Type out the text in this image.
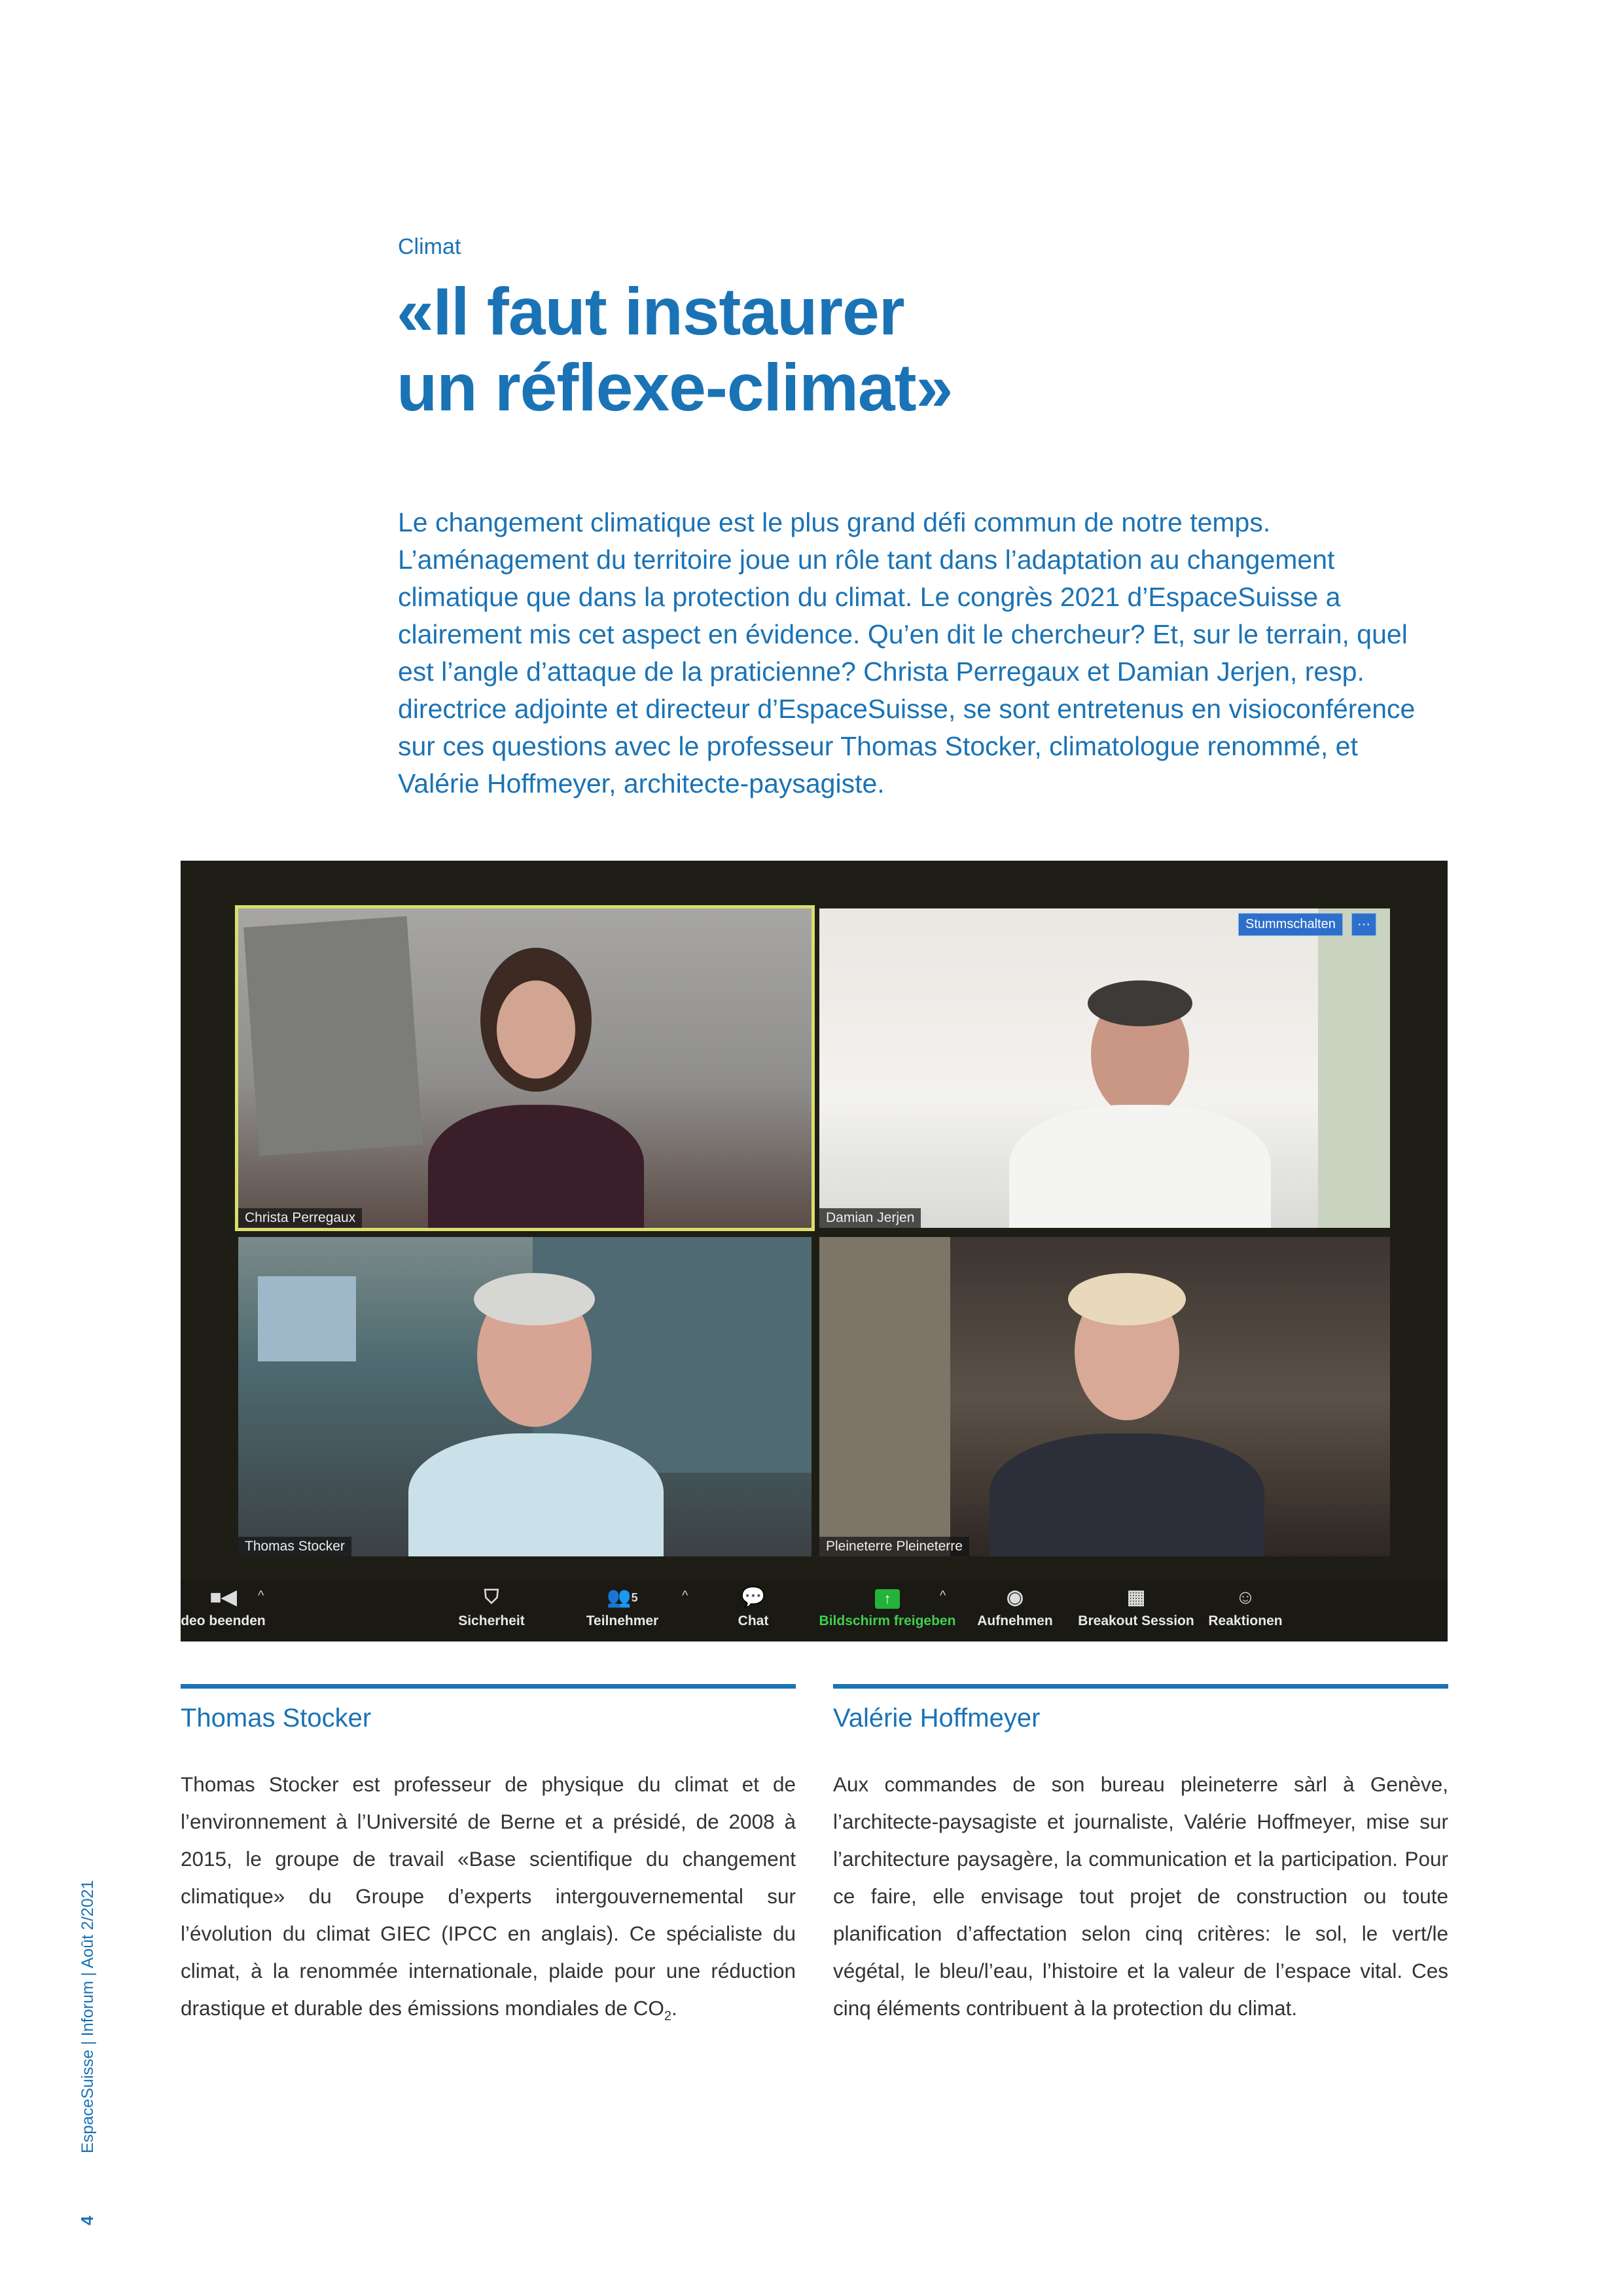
Climat
«Il faut instaurer
un réflexe-climat»

Le changement climatique est le plus grand défi commun de notre temps. L’aménagement du territoire joue un rôle tant dans l’adaptation au changement climatique que dans la protection du climat. Le congrès 2021 d’EspaceSuisse a clairement mis cet aspect en évidence. Qu’en dit le chercheur? Et, sur le terrain, quel est l’angle d’attaque de la praticienne? Christa Perregaux et Damian Jerjen, resp. directrice adjointe et directeur d’EspaceSuisse, se sont entretenus en visioconférence sur ces questions avec le professeur Thomas Stocker, climatologue renommé, et Valérie Hoffmeyer, architecte-paysagiste.

Christa Perregaux	Damian Jerjen
Thomas Stocker	Pleineterre Pleineterre
Stummschalten	···
■◀
deo beenden
^	⛉
Sicherheit
👥$^5$
Teilnehmer
^	💬
Chat
↑
Bildschirm freigeben
^	◉
Aufnehmen
▦
Breakout Session
☺
Reaktionen
Thomas Stocker	Valérie Hoffmeyer

Thomas Stocker est professeur de physique du climat et de l’environnement à l’Université de Berne et a présidé, de 2008 à 2015, le groupe de travail «Base scientifique du changement climatique» du Groupe d’experts intergouvernemental sur l’évolution du climat GIEC (IPCC en anglais). Ce spécialiste du climat, à la renommée internationale, plaide pour une réduction drastique et durable des émissions mondiales de $CO_2$.

Aux commandes de son bureau pleineterre sàrl à Genève, l’architecte-paysagiste et journaliste, Valérie Hoffmeyer, mise sur l’architecture paysagère, la communication et la participation. Pour ce faire, elle envisage tout projet de construction ou toute planification d’affectation selon cinq critères: le sol, le vert/le végétal, le bleu/l’eau, l’histoire et la valeur de l’espace vital. Ces cinq éléments contribuent à la protection du climat.

EspaceSuisse | Inforum | Août 2/2021
4
